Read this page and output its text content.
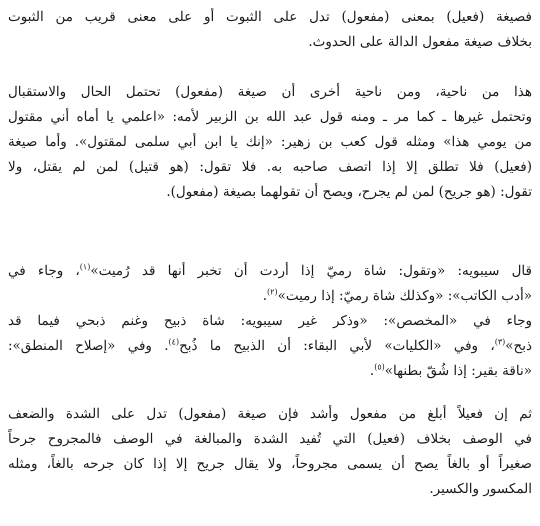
فصيغة (فعيل) بمعنى (مفعول) تدل على الثبوت أو على معنى قريب من الثبوت
بخلاف صيغة مفعول الدالة على الحدوث.
هذا من ناحية، ومن ناحية أخرى أن صيغة (مفعول) تحتمل الحال والاستقبال
وتحتمل غيرها ـ كما مر ـ ومنه قول عبد الله بن الزبير لأمه: «اعلمي يا أماه أني مقتول
من يومي هذا» ومثله قول كعب بن زهير: «إنك يا ابن أبي سلمى لمقتول». وأما صيغة
(فعيل) فلا تطلق إلا إذا اتصف صاحبه به. فلا تقول: (هو قتيل) لمن لم يقتل، ولا
تقول: (هو جريح) لمن لم يجرح، ويصح أن تقولهما بصيغة (مفعول).
قال سيبويه: «وتقول: شاة رميّ إذا أردت أن تخبر أنها قد رُميت»$^{(١)}$، وجاء في
«أدب الكاتب»: «وكذلك شاة رميّ: إذا رميت»$^{(٢)}$.
وجاء في «المخصص»: «وذكر غير سيبويه: شاة ذبيح وغنم ذبحي فيما قد
ذبح»$^{(٣)}$، وفي «الكليات» لأبي البقاء: أن الذبيح ما ذُبح$^{(٤)}$. وفي «إصلاح المنطق»:
«ناقة بقير: إذا شُقّ بطنها»$^{(٥)}$.
ثم إن فعيلاً أبلغ من مفعول وأشد فإن صيغة (مفعول) تدل على الشدة والضعف
في الوصف بخلاف (فعيل) التي تُفيد الشدة والمبالغة في الوصف فالمجروح جرحاً
صغيراً أو بالغاً يصح أن يسمى مجروحاً، ولا يقال جريح إلا إذا كان جرحه بالغاً، ومثله
المكسور والكسير.
